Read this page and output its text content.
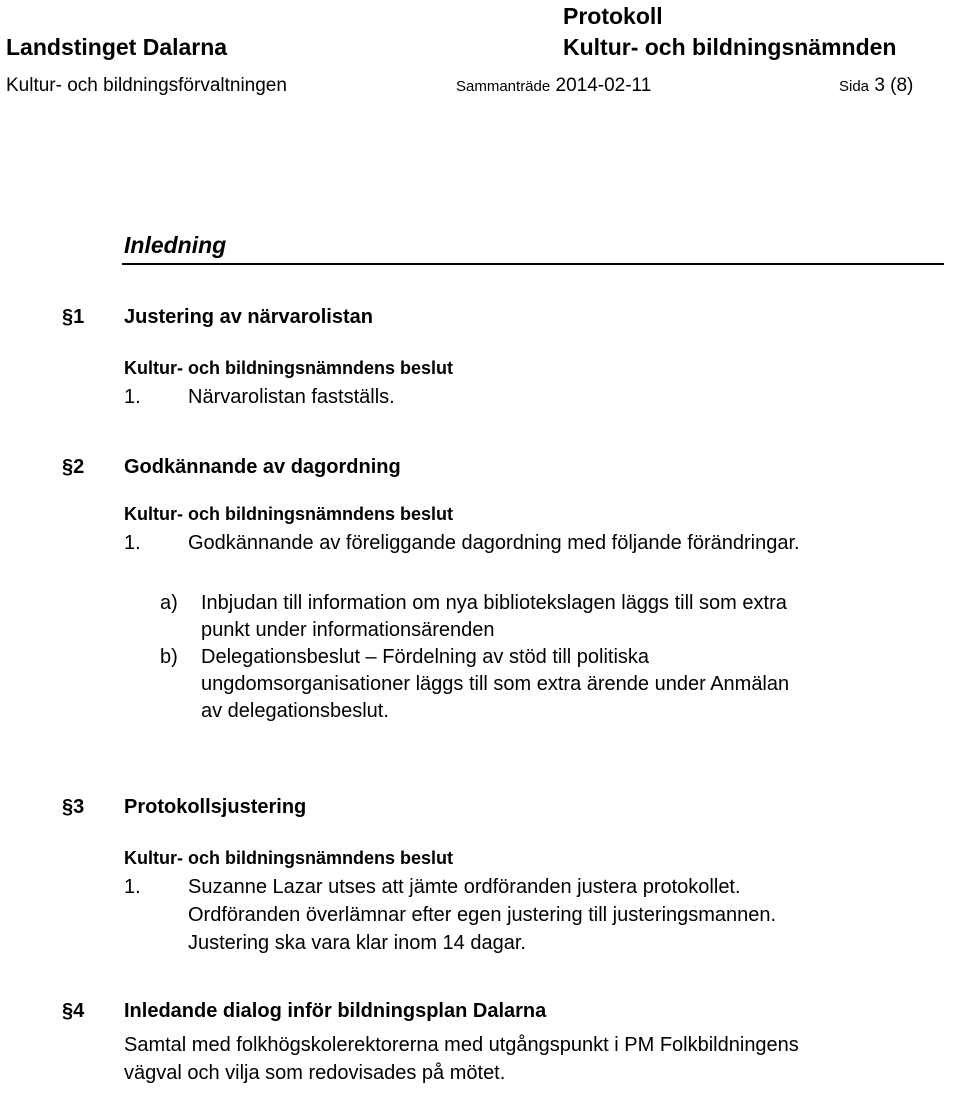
Protokoll
Landstinget Dalarna	Kultur- och bildningsnämnden
Kultur- och bildningsförvaltningen	Sammanträde 2014-02-11	Sida 3 (8)
Inledning
§1 Justering av närvarolistan
Kultur- och bildningsnämndens beslut
1. Närvarolistan fastställs.
§2 Godkännande av dagordning
Kultur- och bildningsnämndens beslut
1. Godkännande av föreliggande dagordning med följande förändringar.
a) Inbjudan till information om nya bibliotekslagen läggs till som extra
punkt under informationsärenden
b) Delegationsbeslut – Fördelning av stöd till politiska
ungdomsorganisationer läggs till som extra ärende under Anmälan
av delegationsbeslut.
§3 Protokollsjustering
Kultur- och bildningsnämndens beslut
1. Suzanne Lazar utses att jämte ordföranden justera protokollet.
Ordföranden överlämnar efter egen justering till justeringsmannen.
Justering ska vara klar inom 14 dagar.
§4 Inledande dialog inför bildningsplan Dalarna
Samtal med folkhögskolerektorerna med utgångspunkt i PM Folkbildningens
vägval och vilja som redovisades på mötet.
